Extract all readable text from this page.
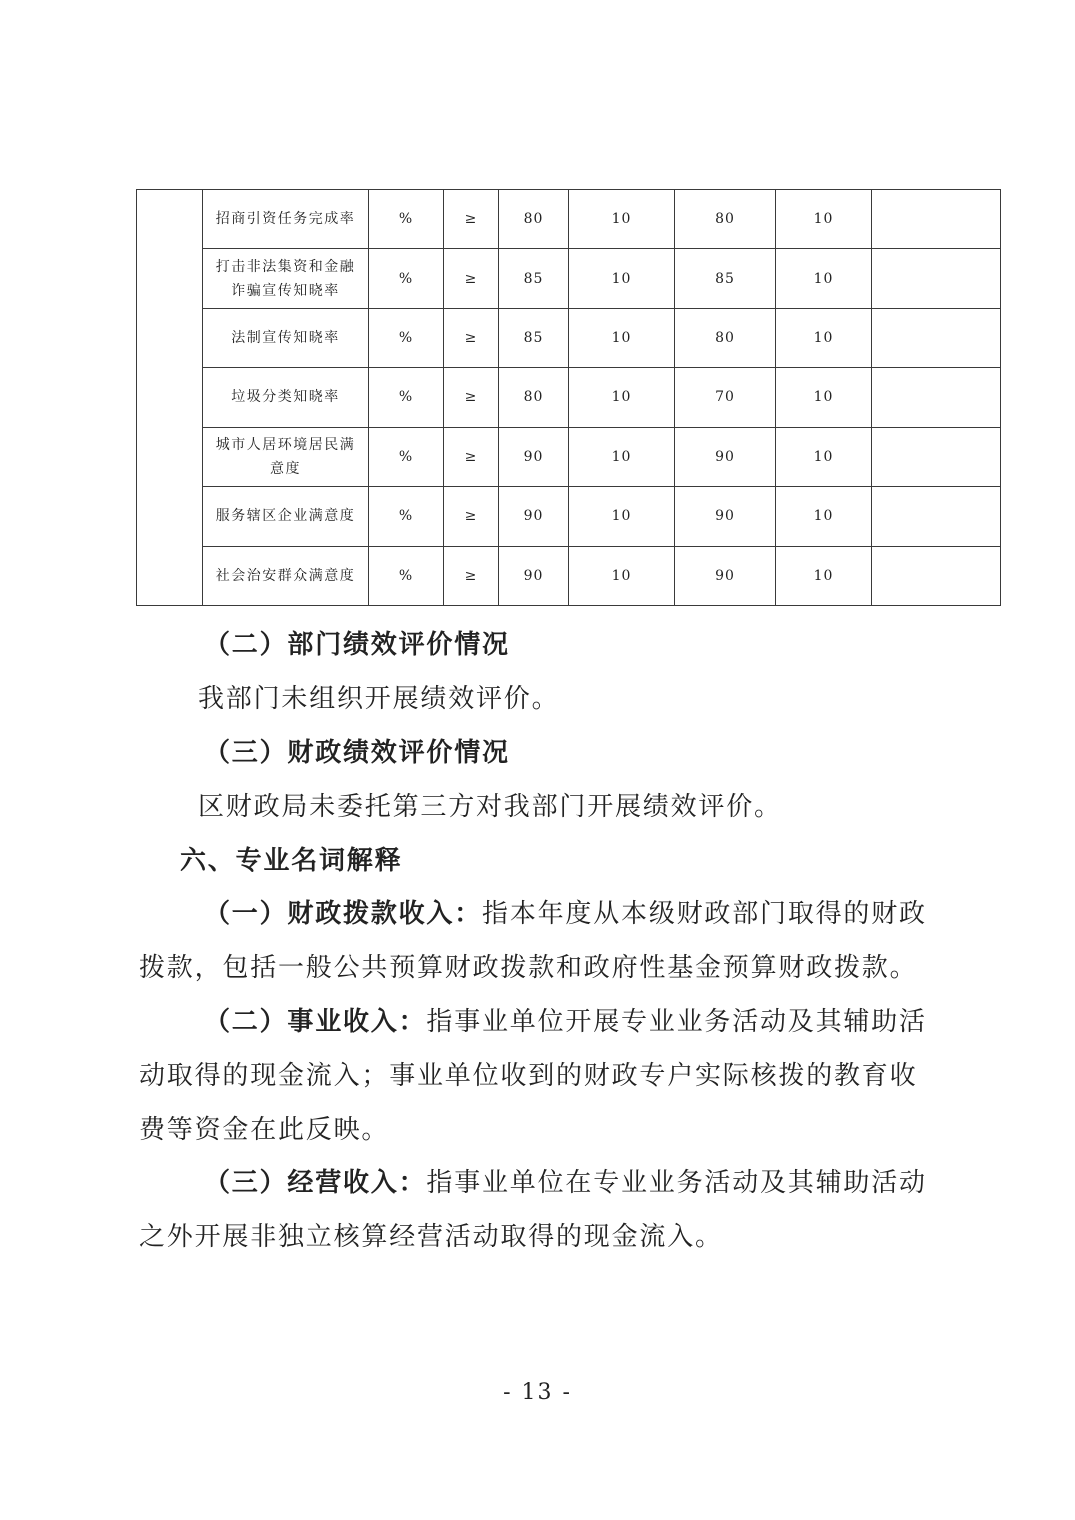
	招商引资任务完成率	%	≥	80	10	80	10	
	打击非法集资和金融诈骗宣传知晓率	%	≥	85	10	85	10	
	法制宣传知晓率	%	≥	85	10	80	10	
	垃圾分类知晓率	%	≥	80	10	70	10	
	城市人居环境居民满意度	%	≥	90	10	90	10	
	服务辖区企业满意度	%	≥	90	10	90	10	
	社会治安群众满意度	%	≥	90	10	90	10	
（二）部门绩效评价情况
我部门未组织开展绩效评价。
（三）财政绩效评价情况
区财政局未委托第三方对我部门开展绩效评价。
六、专业名词解释
（一）财政拨款收入：指本年度从本级财政部门取得的财政
拨款，包括一般公共预算财政拨款和政府性基金预算财政拨款。
（二）事业收入：指事业单位开展专业业务活动及其辅助活
动取得的现金流入；事业单位收到的财政专户实际核拨的教育收
费等资金在此反映。
（三）经营收入：指事业单位在专业业务活动及其辅助活动
之外开展非独立核算经营活动取得的现金流入。
- 13 -
